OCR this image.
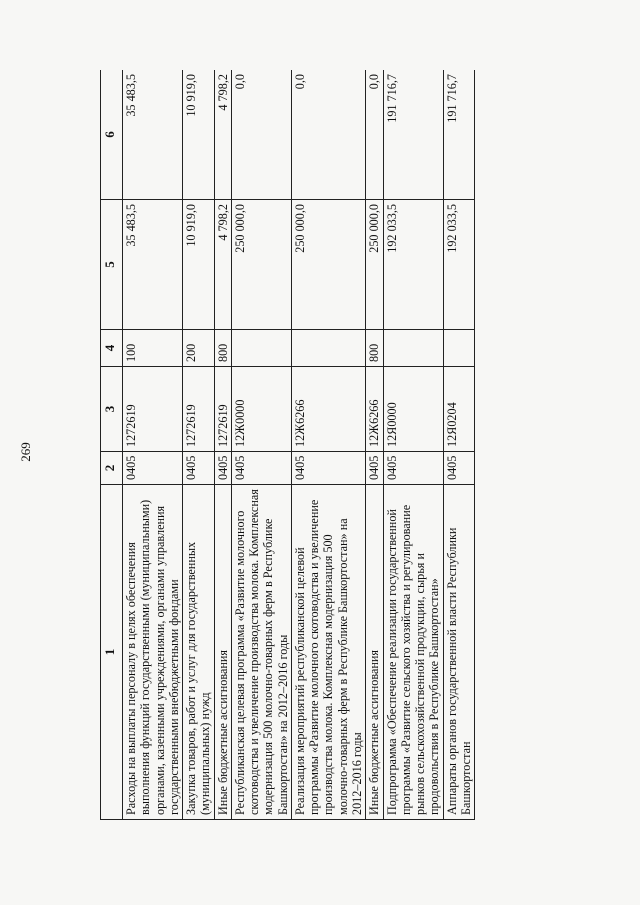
269
1	2	3	4	5	6
Расходы на выплаты персоналу в целях обеспечения выполнения функций государственными (муниципальными) органами, казенными учреждениями, органами управления государственными внебюджетными фондами	0405	1272619	100	35 483,5	35 483,5
Закупка товаров, работ и услуг для государственных (муниципальных) нужд	0405	1272619	200	10 919,0	10 919,0
Иные бюджетные ассигнования	0405	1272619	800	4 798,2	4 798,2
Республиканская целевая программа «Развитие молочного скотоводства и увеличение производства молока. Комплексная модернизация 500 молочно-товарных ферм в Республике Башкортостан» на 2012–2016 годы	0405	12Ж0000		250 000,0	0,0
Реализация мероприятий республиканской целевой программы «Развитие молочного скотоводства и увеличение производства молока. Комплексная модернизация 500 молочно-товарных ферм в Республике Башкортостан» на 2012–2016 годы	0405	12Ж6266		250 000,0	0,0
Иные бюджетные ассигнования	0405	12Ж6266	800	250 000,0	0,0
Подпрограмма «Обеспечение реализации государственной программы «Развитие сельского хозяйства и регулирование рынков сельскохозяйственной продукции, сырья и продовольствия в Республике Башкортостан»	0405	12Я0000		192 033,5	191 716,7
Аппараты органов государственной власти Республики Башкортостан	0405	12Я0204		192 033,5	191 716,7
